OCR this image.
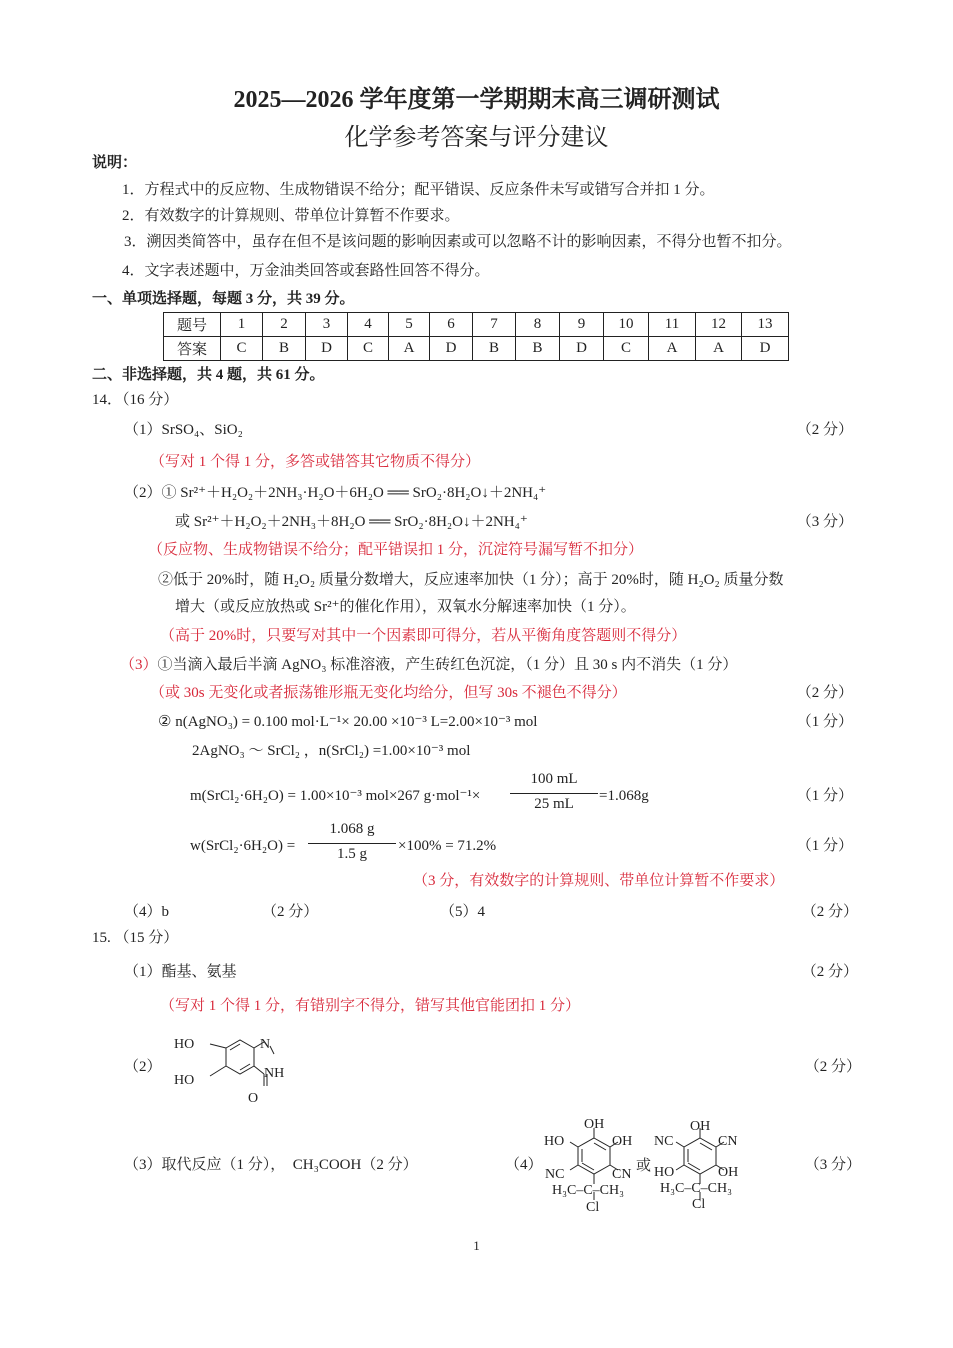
2025—2026 学年度第一学期期末高三调研测试
化学参考答案与评分建议
说明：
1．方程式中的反应物、生成物错误不给分；配平错误、反应条件未写或错写合并扣 1 分。
2．有效数字的计算规则、带单位计算暂不作要求。
3．溯因类简答中，虽存在但不是该问题的影响因素或可以忽略不计的影响因素，不得分也暂不扣分。
4．文字表述题中，万金油类回答或套路性回答不得分。
一、单项选择题，每题 3 分，共 39 分。
题号	1	2	3	4	5	6	7	8	9	10	11	12	13
答案	C	B	D	C	A	D	B	B	D	C	A	A	D
二、非选择题，共 4 题，共 61 分。
14．（16 分）
（1）SrSO₄、SiO₂	（2 分）
（写对 1 个得 1 分，多答或错答其它物质不得分）
（2）① Sr²⁺＋H₂O₂＋2NH₃·H₂O＋6H₂O ══ SrO₂·8H₂O↓＋2NH₄⁺
或 Sr²⁺＋H₂O₂＋2NH₃＋8H₂O ══ SrO₂·8H₂O↓＋2NH₄⁺	（3 分）
（反应物、生成物错误不给分；配平错误扣 1 分，沉淀符号漏写暂不扣分）
②低于 20%时，随 H₂O₂ 质量分数增大，反应速率加快（1 分）；高于 20%时，随 H₂O₂ 质量分数
增大（或反应放热或 Sr²⁺的催化作用），双氧水分解速率加快（1 分）。
（高于 20%时，只要写对其中一个因素即可得分，若从平衡角度答题则不得分）
（3）①当滴入最后半滴 AgNO₃ 标准溶液，产生砖红色沉淀，（1 分）且 30 s 内不消失（1 分）
（或 30s 无变化或者振荡锥形瓶无变化均给分，但写 30s 不褪色不得分）	（2 分）
② n(AgNO₃) = 0.100 mol·L⁻¹× 20.00 ×10⁻³ L=2.00×10⁻³ mol	（1 分）
2AgNO₃ ～ SrCl₂ ，n(SrCl₂) =1.00×10⁻³ mol
m(SrCl₂·6H₂O) = 1.00×10⁻³ mol×267 $g\cdot mol^{-1}\times \frac{100 mL}{25 mL} =1.068g$	（1 分）
w(SrCl₂·6H₂O) = $\frac{1.068 g}{1.5 g} \times 100\% = 71.2\%$	（1 分）
（3 分，有效数字的计算规则、带单位计算暂不作要求）
（4）b	（2 分）	（5）4	（2 分）
15. （15 分）
（1）酯基、氨基	（2 分）
（写对 1 个得 1 分，有错别字不得分，错写其他官能团扣 1 分）
（2）
HO
HO
N
NH
O
（2 分）
（3）取代反应（1 分），　CH₃COOH（2 分）	（4）
OH
HO	OH
NC	CN
H₃C–C–CH₃
Cl
或
OH
NC	CN
HO	OH
H₃C–C–CH₃
Cl
（3 分）
1
